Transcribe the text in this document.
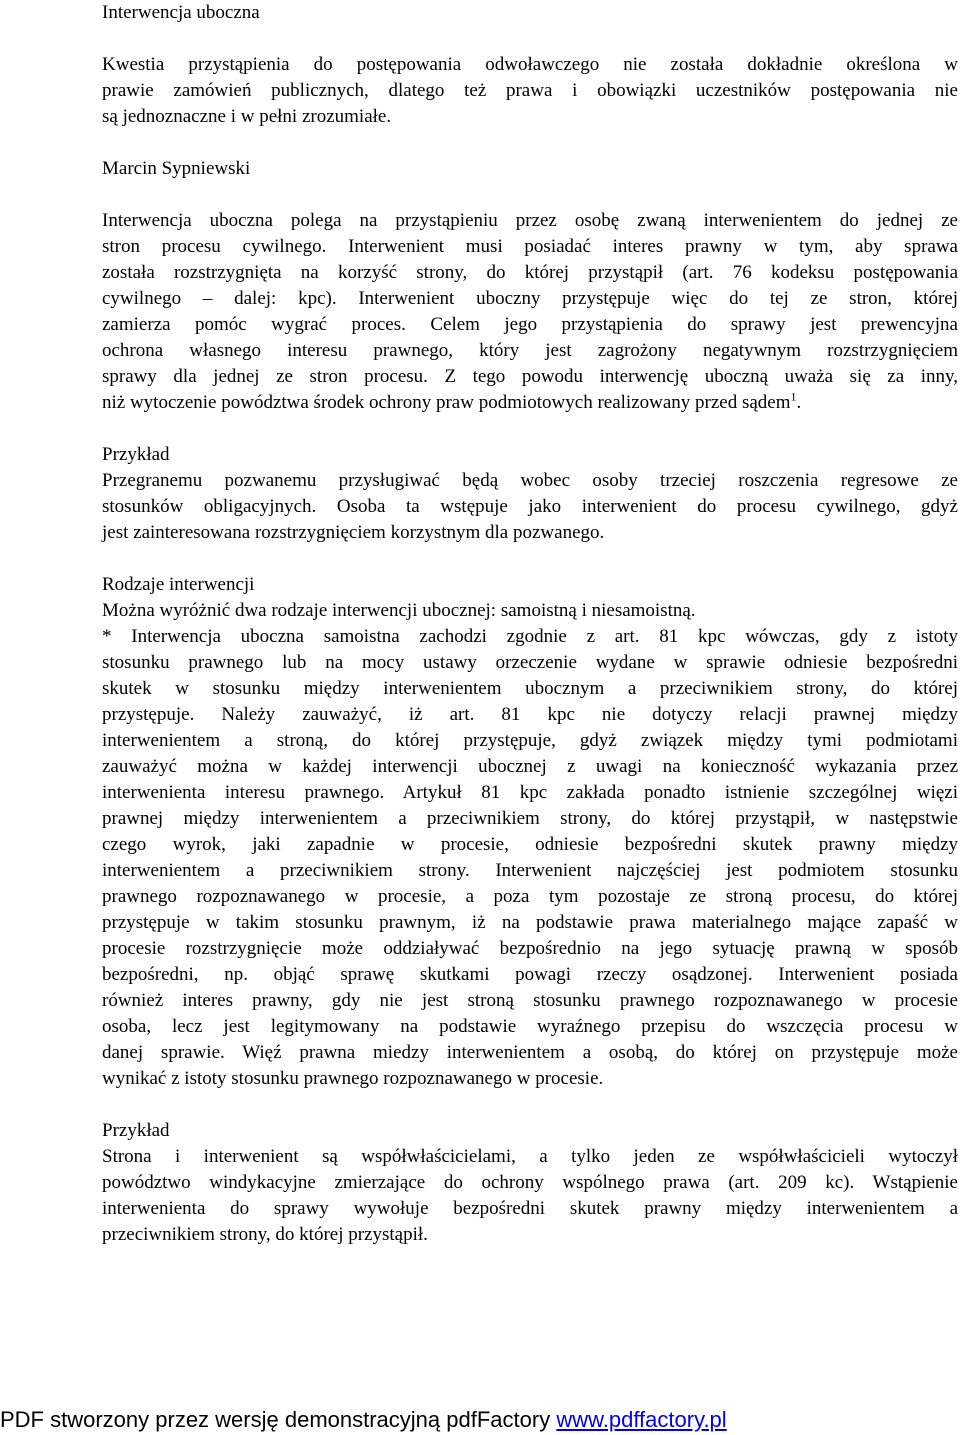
Interwencja uboczna
Kwestia przystąpienia do postępowania odwoławczego nie została dokładnie określona w
prawie zamówień publicznych, dlatego też prawa i obowiązki uczestników postępowania nie
są jednoznaczne i w pełni zrozumiałe.
Marcin Sypniewski
Interwencja uboczna polega na przystąpieniu przez osobę zwaną interwenientem do jednej ze
stron procesu cywilnego. Interwenient musi posiadać interes prawny w tym, aby sprawa
została rozstrzygnięta na korzyść strony, do której przystąpił (art. 76 kodeksu postępowania
cywilnego – dalej: kpc). Interwenient uboczny przystępuje więc do tej ze stron, której
zamierza pomóc wygrać proces. Celem jego przystąpienia do sprawy jest prewencyjna
ochrona własnego interesu prawnego, który jest zagrożony negatywnym rozstrzygnięciem
sprawy dla jednej ze stron procesu. Z tego powodu interwencję uboczną uważa się za inny,
niż wytoczenie powództwa środek ochrony praw podmiotowych realizowany przed sądem$^1$.
Przykład
Przegranemu pozwanemu przysługiwać będą wobec osoby trzeciej roszczenia regresowe ze
stosunków obligacyjnych. Osoba ta wstępuje jako interwenient do procesu cywilnego, gdyż
jest zainteresowana rozstrzygnięciem korzystnym dla pozwanego.
Rodzaje interwencji
Można wyróżnić dwa rodzaje interwencji ubocznej: samoistną i niesamoistną.
* Interwencja uboczna samoistna zachodzi zgodnie z art. 81 kpc wówczas, gdy z istoty
stosunku prawnego lub na mocy ustawy orzeczenie wydane w sprawie odniesie bezpośredni
skutek w stosunku między interwenientem ubocznym a przeciwnikiem strony, do której
przystępuje. Należy zauważyć, iż art. 81 kpc nie dotyczy relacji prawnej między
interwenientem a stroną, do której przystępuje, gdyż związek między tymi podmiotami
zauważyć można w każdej interwencji ubocznej z uwagi na konieczność wykazania przez
interwenienta interesu prawnego. Artykuł 81 kpc zakłada ponadto istnienie szczególnej więzi
prawnej między interwenientem a przeciwnikiem strony, do której przystąpił, w następstwie
czego wyrok, jaki zapadnie w procesie, odniesie bezpośredni skutek prawny między
interwenientem a przeciwnikiem strony. Interwenient najczęściej jest podmiotem stosunku
prawnego rozpoznawanego w procesie, a poza tym pozostaje ze stroną procesu, do której
przystępuje w takim stosunku prawnym, iż na podstawie prawa materialnego mające zapaść w
procesie rozstrzygnięcie może oddziaływać bezpośrednio na jego sytuację prawną w sposób
bezpośredni, np. objąć sprawę skutkami powagi rzeczy osądzonej. Interwenient posiada
również interes prawny, gdy nie jest stroną stosunku prawnego rozpoznawanego w procesie
osoba, lecz jest legitymowany na podstawie wyraźnego przepisu do wszczęcia procesu w
danej sprawie. Więź prawna miedzy interwenientem a osobą, do której on przystępuje może
wynikać z istoty stosunku prawnego rozpoznawanego w procesie.
Przykład
Strona i interwenient są współwłaścicielami, a tylko jeden ze współwłaścicieli wytoczył
powództwo windykacyjne zmierzające do ochrony wspólnego prawa (art. 209 kc). Wstąpienie
interwenienta do sprawy wywołuje bezpośredni skutek prawny między interwenientem a
przeciwnikiem strony, do której przystąpił.
PDF stworzony przez wersję demonstracyjną pdfFactory www.pdffactory.pl
